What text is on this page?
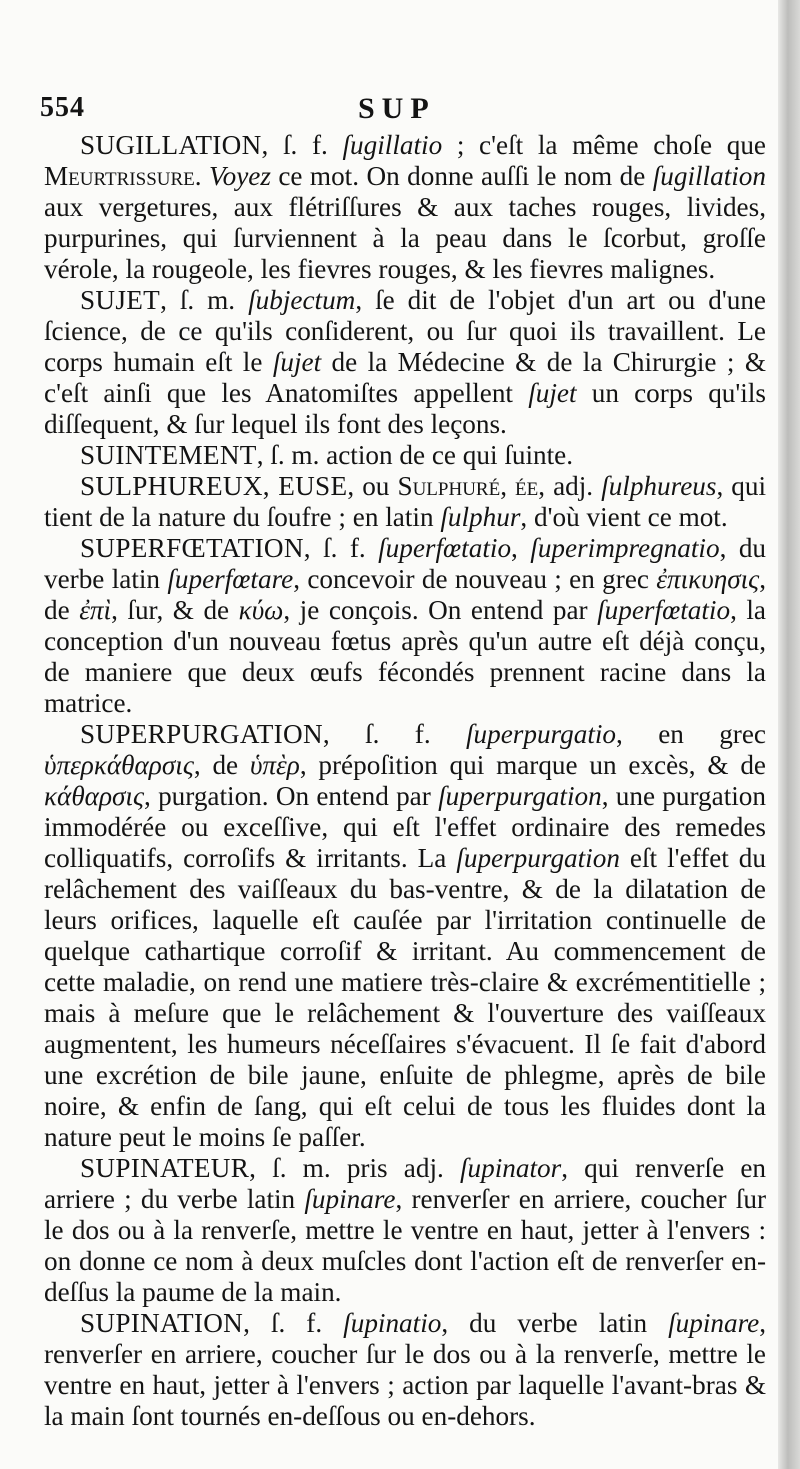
554	SUP

SUGILLATION, ſ. f. ſugillatio ; c'eſt la même choſe que Meurtrissure. Voyez ce mot. On donne auſſi le nom de ſugillation aux vergetures, aux flétriſſures & aux taches rouges, livides, purpurines, qui ſurviennent à la peau dans le ſcorbut, groſſe vérole, la rougeole, les fievres rouges, & les fievres malignes.

SUJET, ſ. m. ſubjectum, ſe dit de l'objet d'un art ou d'une ſcience, de ce qu'ils conſiderent, ou ſur quoi ils travaillent. Le corps humain eſt le ſujet de la Médecine & de la Chirurgie ; & c'eſt ainſi que les Anatomiſtes appellent ſujet un corps qu'ils diſſequent, & ſur lequel ils font des leçons.

SUINTEMENT, ſ. m. action de ce qui ſuinte.

SULPHUREUX, EUSE, ou Sulphuré, ée, adj. ſulphureus, qui tient de la nature du ſoufre ; en latin ſulphur, d'où vient ce mot.

SUPERFŒTATION, ſ. f. ſuperfœtatio, ſuperimpregnatio, du verbe latin ſuperfœtare, concevoir de nouveau ; en grec ἐπικυησις, de ἐπὶ, ſur, & de κύω, je conçois. On entend par ſuperfœtatio, la conception d'un nouveau fœtus après qu'un autre eſt déjà conçu, de maniere que deux œufs fécondés prennent racine dans la matrice.

SUPERPURGATION, ſ. f. ſuperpurgatio, en grec ὑπερκάθαρσις, de ὑπὲρ, prépoſition qui marque un excès, & de κάθαρσις, purgation. On entend par ſuperpurgation, une purgation immodérée ou exceſſive, qui eſt l'effet ordinaire des remedes colliquatifs, corroſifs & irritants. La ſuperpurgation eſt l'effet du relâchement des vaiſſeaux du bas-ventre, & de la dilatation de leurs orifices, laquelle eſt cauſée par l'irritation continuelle de quelque cathartique corroſif & irritant. Au commencement de cette maladie, on rend une matiere très-claire & excrémentitielle ; mais à meſure que le relâchement & l'ouverture des vaiſſeaux augmentent, les humeurs néceſſaires s'évacuent. Il ſe fait d'abord une excrétion de bile jaune, enſuite de phlegme, après de bile noire, & enfin de ſang, qui eſt celui de tous les fluides dont la nature peut le moins ſe paſſer.

SUPINATEUR, ſ. m. pris adj. ſupinator, qui renverſe en arriere ; du verbe latin ſupinare, renverſer en arriere, coucher ſur le dos ou à la renverſe, mettre le ventre en haut, jetter à l'envers : on donne ce nom à deux muſcles dont l'action eſt de renverſer en-deſſus la paume de la main.

SUPINATION, ſ. f. ſupinatio, du verbe latin ſupinare, renverſer en arriere, coucher ſur le dos ou à la renverſe, mettre le ventre en haut, jetter à l'envers ; action par laquelle l'avant-bras & la main ſont tournés en-deſſous ou en-dehors.
